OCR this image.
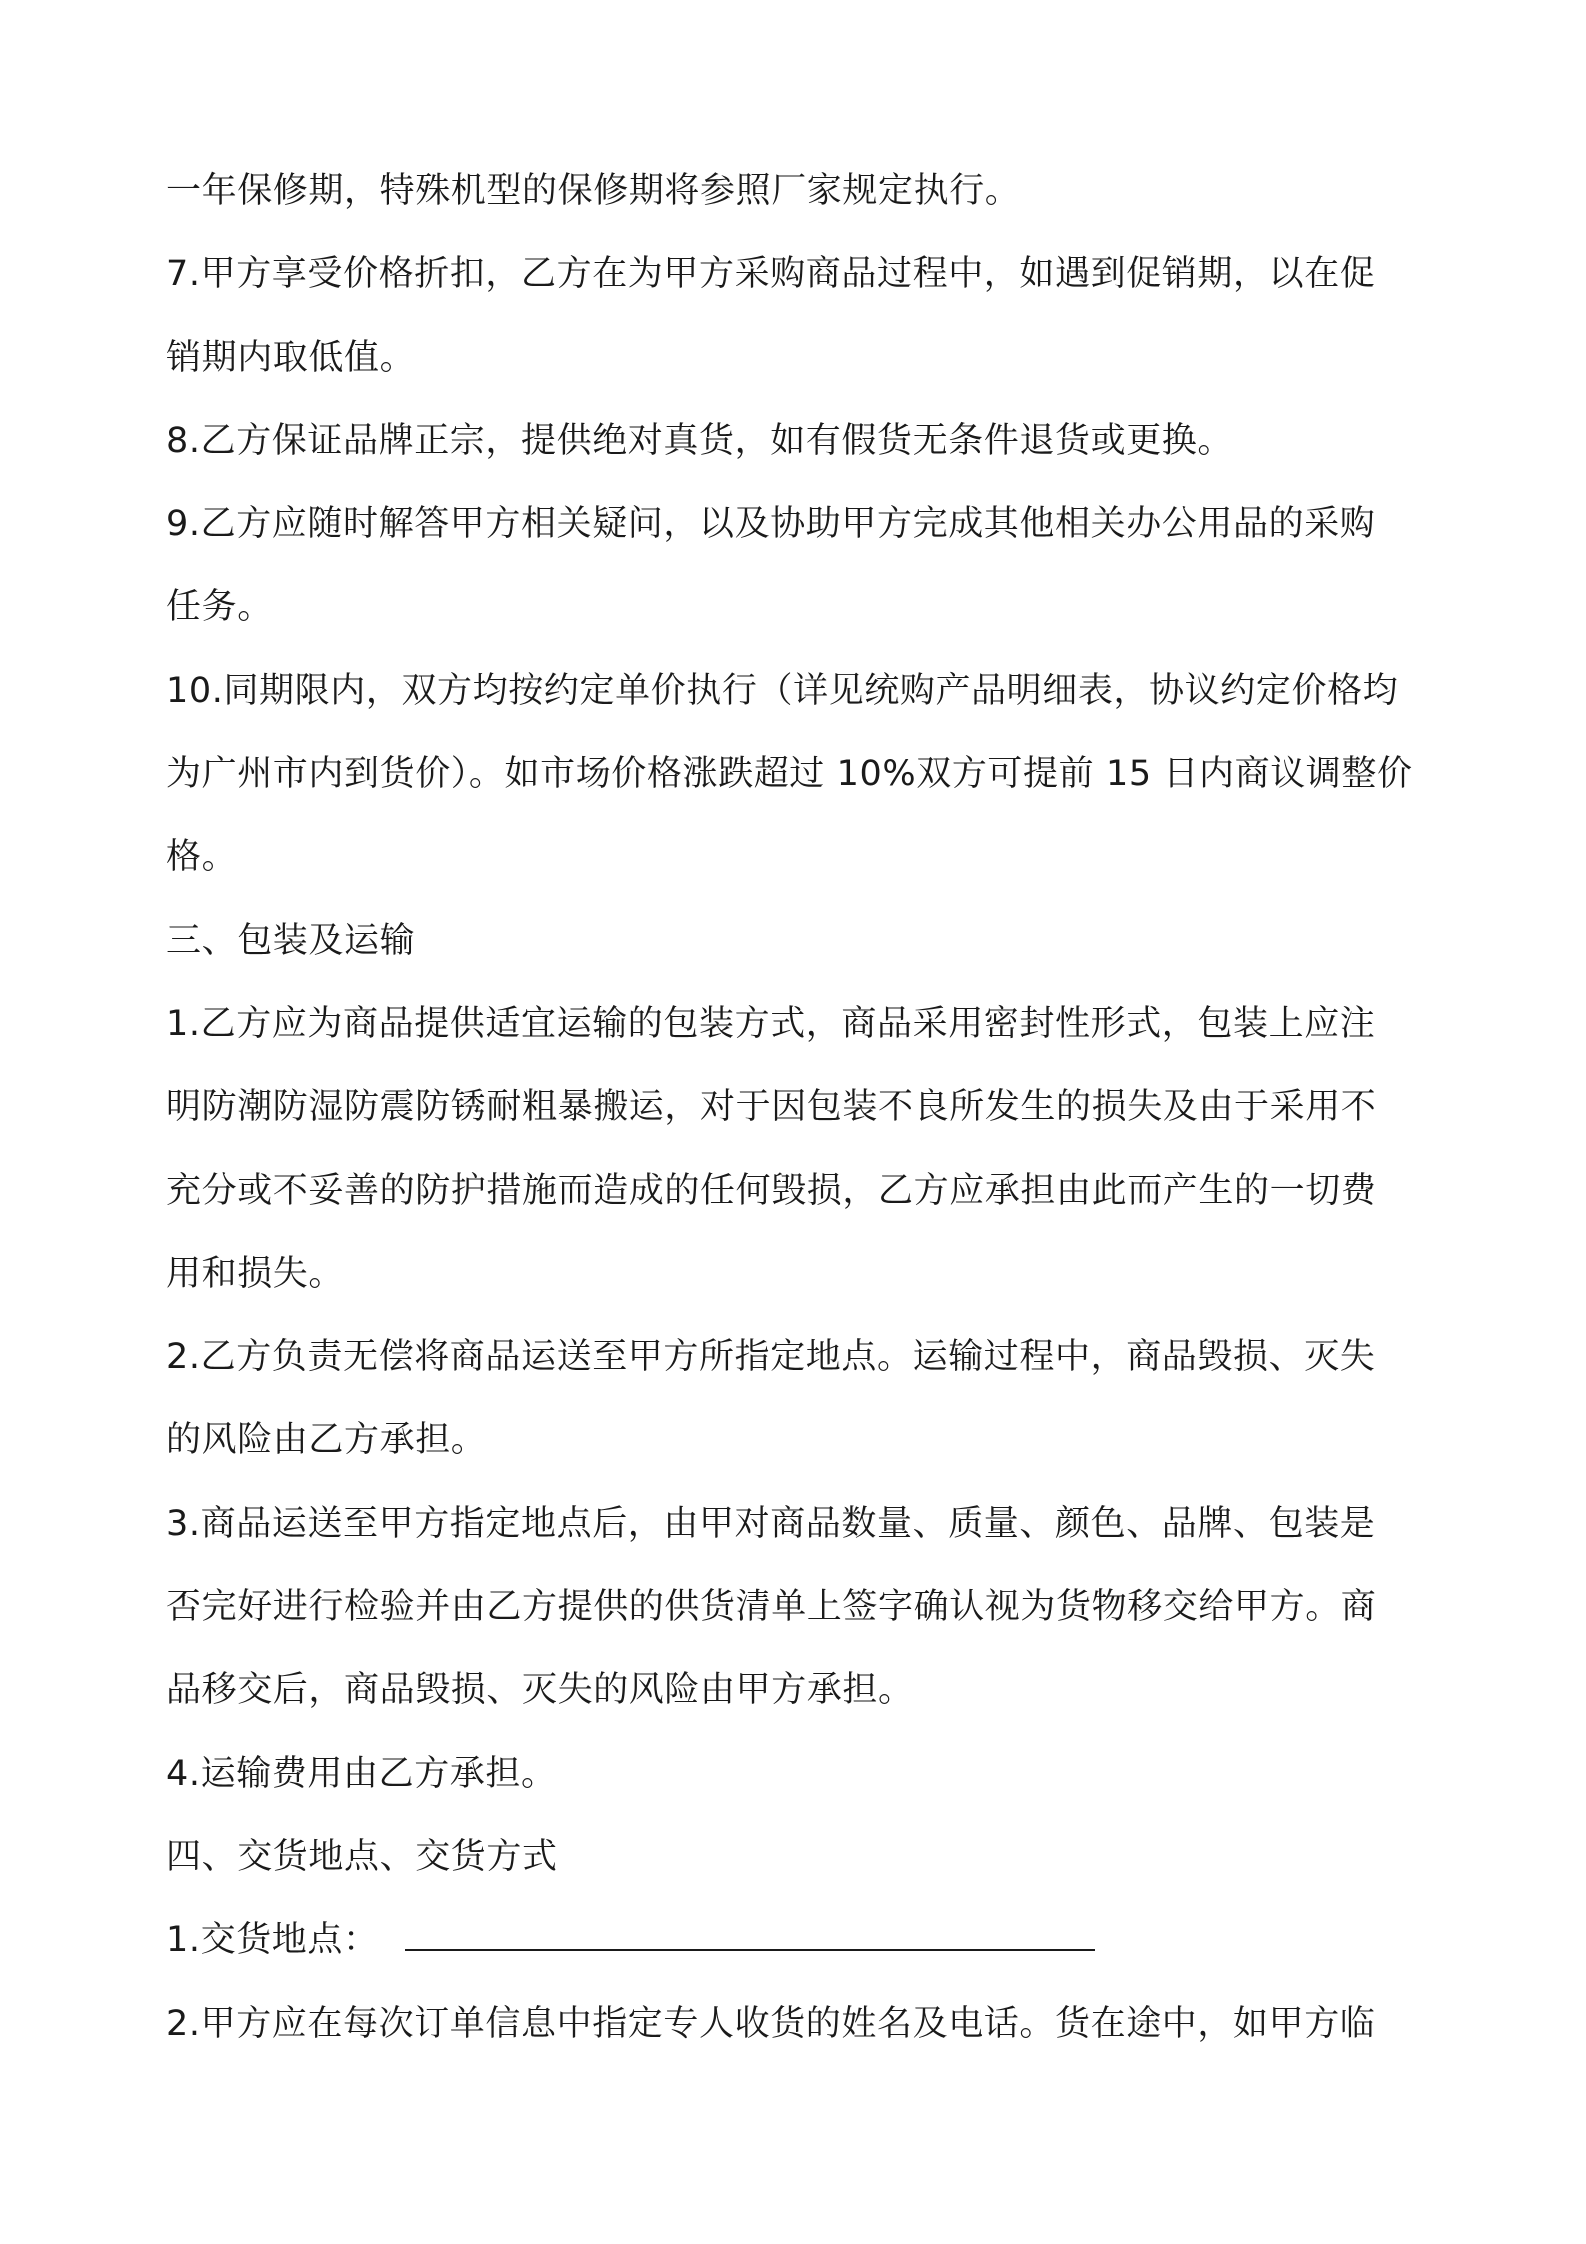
一年保修期，特殊机型的保修期将参照厂家规定执行。
7.甲方享受价格折扣，乙方在为甲方采购商品过程中，如遇到促销期，以在促
销期内取低值。
8.乙方保证品牌正宗，提供绝对真货，如有假货无条件退货或更换。
9.乙方应随时解答甲方相关疑问，以及协助甲方完成其他相关办公用品的采购
任务。
10.同期限内，双方均按约定单价执行（详见统购产品明细表，协议约定价格均
为广州市内到货价）。如市场价格涨跌超过 10%双方可提前 15 日内商议调整价
格。
三、包装及运输
1.乙方应为商品提供适宜运输的包装方式，商品采用密封性形式，包装上应注
明防潮防湿防震防锈耐粗暴搬运，对于因包装不良所发生的损失及由于采用不
充分或不妥善的防护措施而造成的任何毁损，乙方应承担由此而产生的一切费
用和损失。
2.乙方负责无偿将商品运送至甲方所指定地点。运输过程中，商品毁损、灭失
的风险由乙方承担。
3.商品运送至甲方指定地点后，由甲对商品数量、质量、颜色、品牌、包装是
否完好进行检验并由乙方提供的供货清单上签字确认视为货物移交给甲方。商
品移交后，商品毁损、灭失的风险由甲方承担。
4.运输费用由乙方承担。
四、交货地点、交货方式
1.交货地点：
2.甲方应在每次订单信息中指定专人收货的姓名及电话。货在途中，如甲方临
